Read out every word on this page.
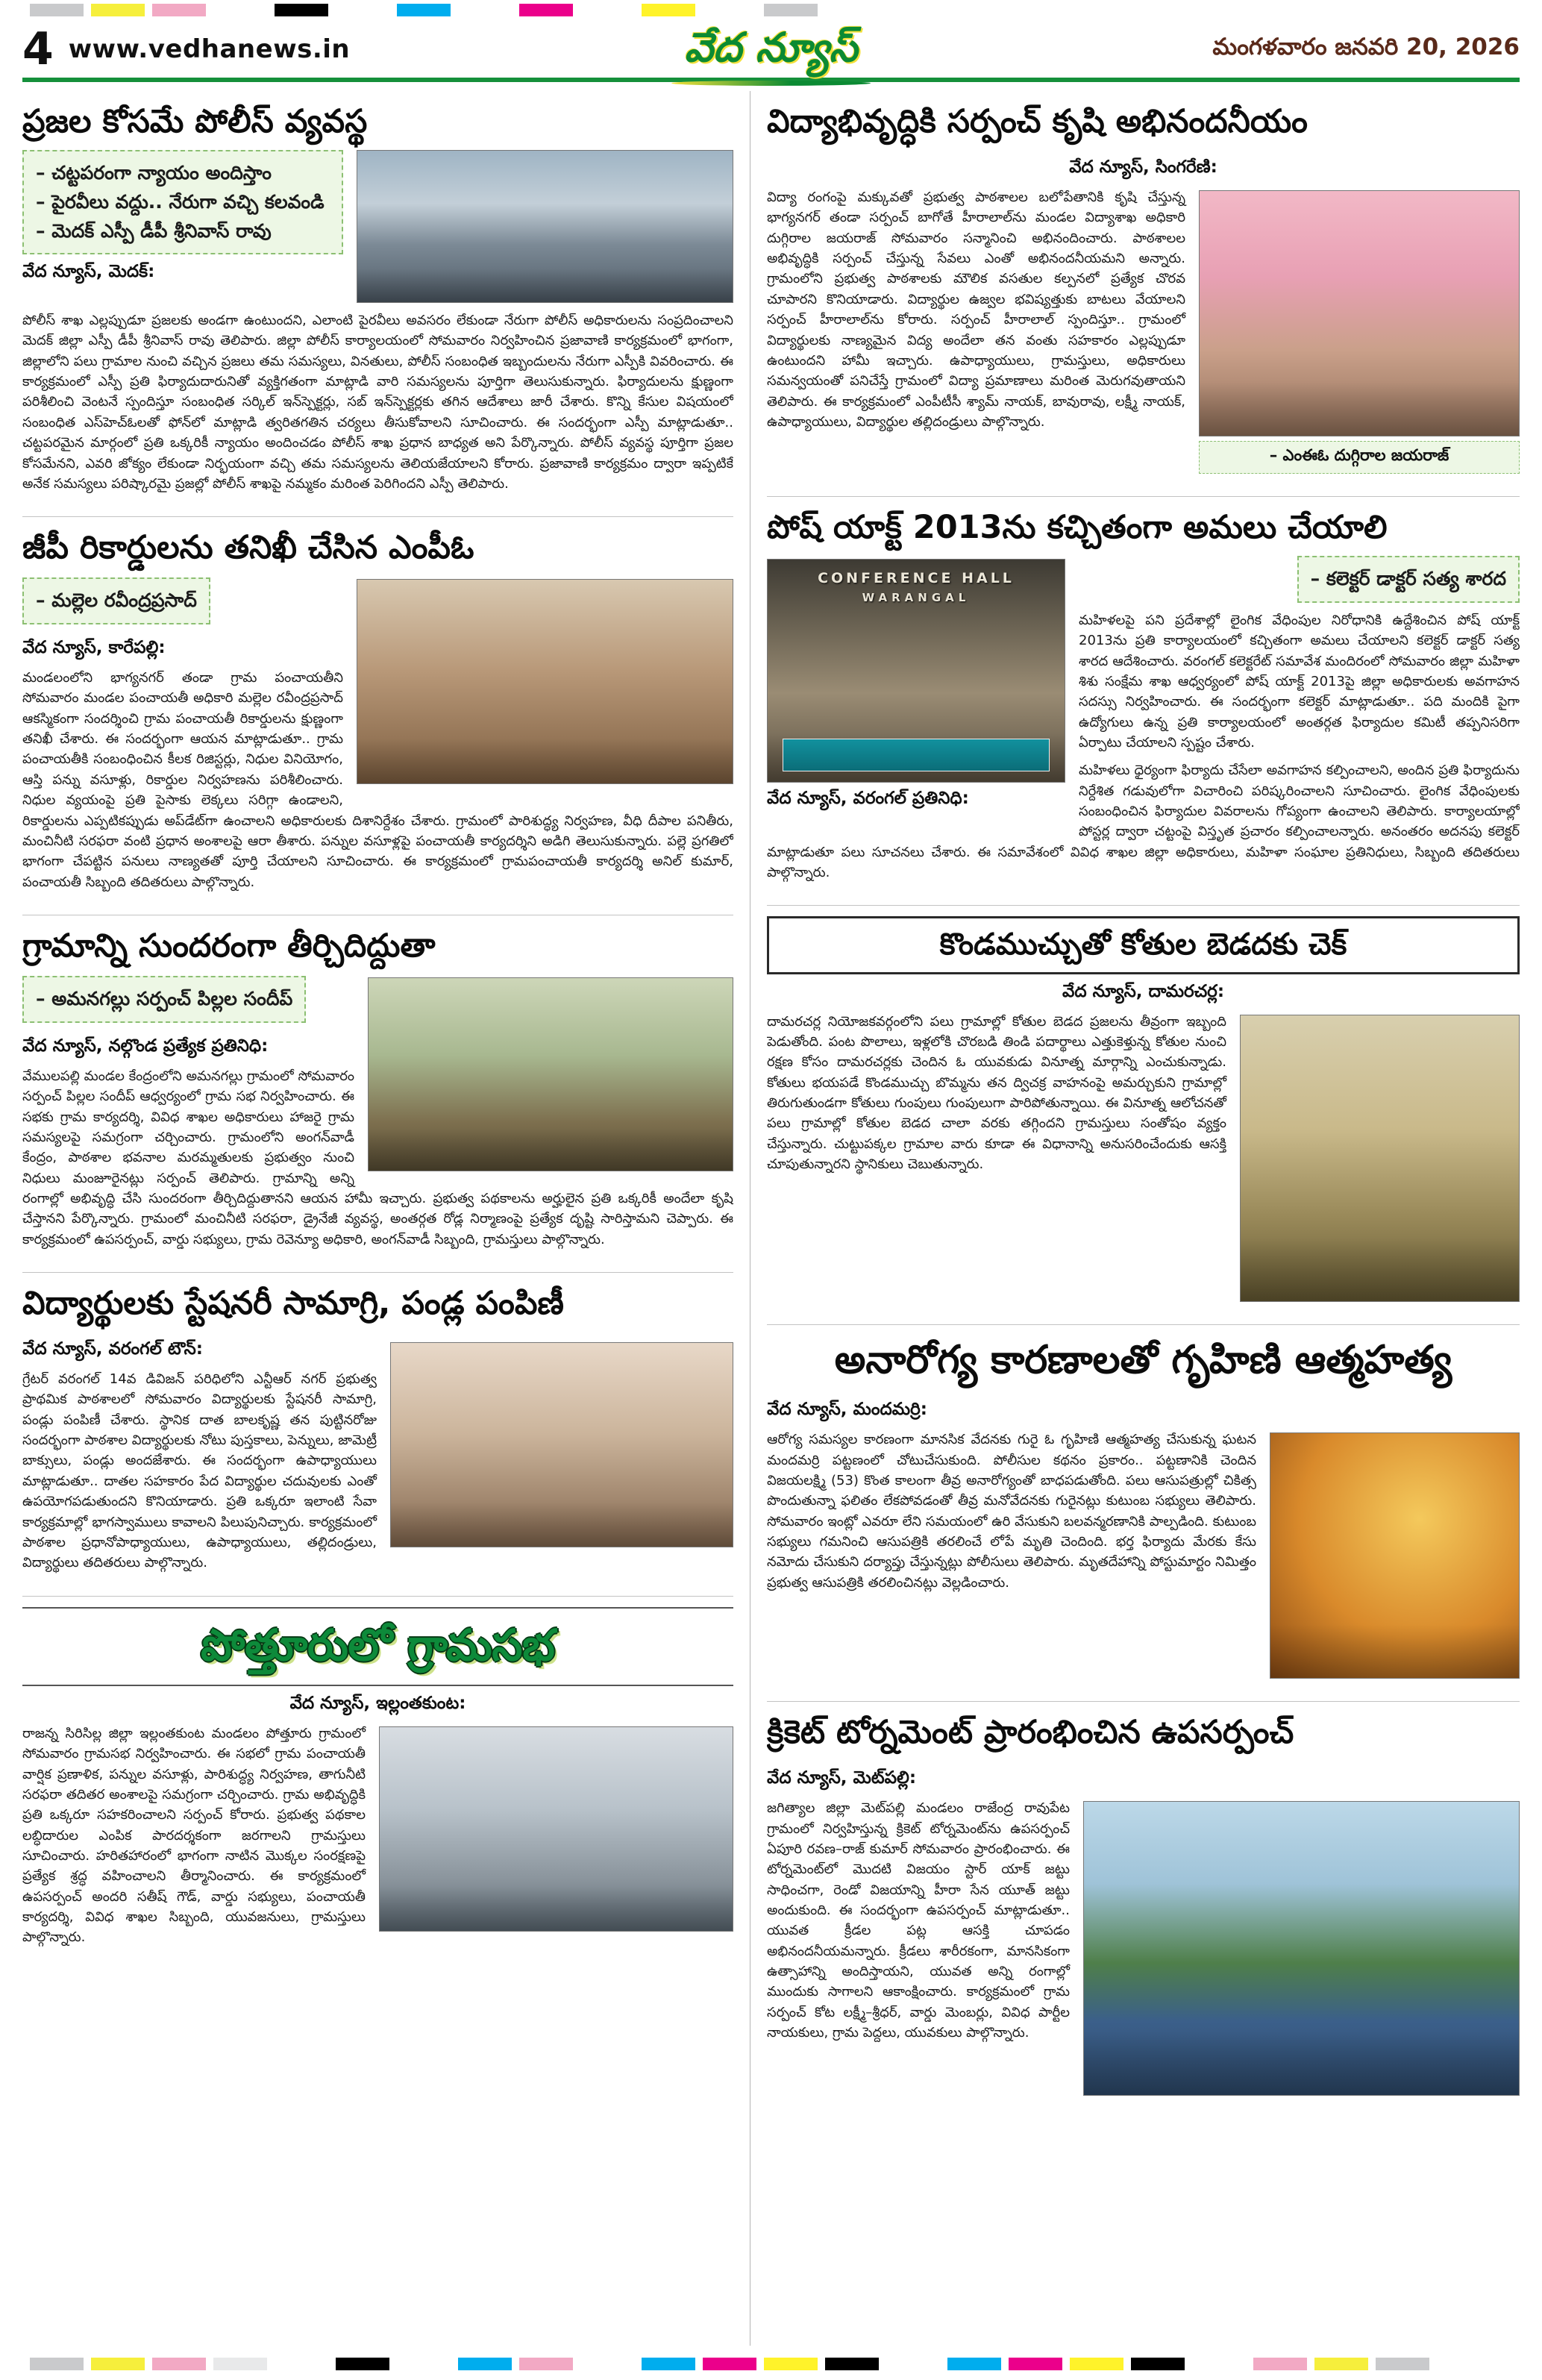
4 www.vedhanews.in	వేద న్యూస్	మంగళవారం జనవరి 20, 2026
ప్రజల కోసమే పోలీస్ వ్యవస్థ
– చట్టపరంగా న్యాయం అందిస్తాం
– పైరవీలు వద్దు.. నేరుగా వచ్చి కలవండి
– మెదక్ ఎస్పీ డీపీ శ్రీనివాస్ రావు
వేద న్యూస్, మెదక్:

పోలీస్ శాఖ ఎల్లప్పుడూ ప్రజలకు అండగా ఉంటుందని, ఎలాంటి పైరవీలు అవసరం లేకుండా నేరుగా పోలీస్ అధికారులను సంప్రదించాలని మెదక్ జిల్లా ఎస్పీ డీపీ శ్రీనివాస్ రావు తెలిపారు. జిల్లా పోలీస్ కార్యాలయంలో సోమవారం నిర్వహించిన ప్రజావాణి కార్యక్రమంలో భాగంగా, జిల్లాలోని పలు గ్రామాల నుంచి వచ్చిన ప్రజలు తమ సమస్యలు, వినతులు, పోలీస్ సంబంధిత ఇబ్బందులను నేరుగా ఎస్పీకి వివరించారు. ఈ కార్యక్రమంలో ఎస్పీ ప్రతి ఫిర్యాదుదారునితో వ్యక్తిగతంగా మాట్లాడి వారి సమస్యలను పూర్తిగా తెలుసుకున్నారు. ఫిర్యాదులను క్షుణ్ణంగా పరిశీలించి వెంటనే స్పందిస్తూ సంబంధిత సర్కిల్ ఇన్‌స్పెక్టర్లు, సబ్ ఇన్‌స్పెక్టర్లకు తగిన ఆదేశాలు జారీ చేశారు. కొన్ని కేసుల విషయంలో సంబంధిత ఎస్‌హెచ్‌ఓలతో ఫోన్‌లో మాట్లాడి త్వరితగతిన చర్యలు తీసుకోవాలని సూచించారు. ఈ సందర్భంగా ఎస్పీ మాట్లాడుతూ.. చట్టపరమైన మార్గంలో ప్రతి ఒక్కరికీ న్యాయం అందించడం పోలీస్ శాఖ ప్రధాన బాధ్యత అని పేర్కొన్నారు. పోలీస్ వ్యవస్థ పూర్తిగా ప్రజల కోసమేనని, ఎవరి జోక్యం లేకుండా నిర్భయంగా వచ్చి తమ సమస్యలను తెలియజేయాలని కోరారు. ప్రజావాణి కార్యక్రమం ద్వారా ఇప్పటికే అనేక సమస్యలు పరిష్కారమై ప్రజల్లో పోలీస్ శాఖపై నమ్మకం మరింత పెరిగిందని ఎస్పీ తెలిపారు.

జీపీ రికార్డులను తనిఖీ చేసిన ఎంపీఓ
– మల్లెల రవీంద్రప్రసాద్
వేద న్యూస్, కారేపల్లి:

మండలంలోని భాగ్యనగర్ తండా గ్రామ పంచాయతీని సోమవారం మండల పంచాయతీ అధికారి మల్లెల రవీంద్రప్రసాద్ ఆకస్మికంగా సందర్శించి గ్రామ పంచాయతీ రికార్డులను క్షుణ్ణంగా తనిఖీ చేశారు. ఈ సందర్భంగా ఆయన మాట్లాడుతూ.. గ్రామ పంచాయతీకి సంబంధించిన కీలక రిజిస్టర్లు, నిధుల వినియోగం, ఆస్తి పన్ను వసూళ్లు, రికార్డుల నిర్వహణను పరిశీలించారు. నిధుల వ్యయంపై ప్రతి పైసాకు లెక్కలు సరిగ్గా ఉండాలని, రికార్డులను ఎప్పటికప్పుడు అప్‌డేట్‌గా ఉంచాలని అధికారులకు దిశానిర్దేశం చేశారు. గ్రామంలో పారిశుద్ధ్య నిర్వహణ, వీధి దీపాల పనితీరు, మంచినీటి సరఫరా వంటి ప్రధాన అంశాలపై ఆరా తీశారు. పన్నుల వసూళ్లపై పంచాయతీ కార్యదర్శిని అడిగి తెలుసుకున్నారు. పల్లె ప్రగతిలో భాగంగా చేపట్టిన పనులు నాణ్యతతో పూర్తి చేయాలని సూచించారు. ఈ కార్యక్రమంలో గ్రామపంచాయతీ కార్యదర్శి అనిల్ కుమార్, పంచాయతీ సిబ్బంది తదితరులు పాల్గొన్నారు.

గ్రామాన్ని సుందరంగా తీర్చిదిద్దుతా
– అమనగల్లు సర్పంచ్ పిల్లల సందీప్
వేద న్యూస్, నల్గొండ ప్రత్యేక ప్రతినిధి:

వేములపల్లి మండల కేంద్రంలోని అమనగల్లు గ్రామంలో సోమవారం సర్పంచ్ పిల్లల సందీప్ ఆధ్వర్యంలో గ్రామ సభ నిర్వహించారు. ఈ సభకు గ్రామ కార్యదర్శి, వివిధ శాఖల అధికారులు హాజరై గ్రామ సమస్యలపై సమగ్రంగా చర్చించారు. గ్రామంలోని అంగన్‌వాడీ కేంద్రం, పాఠశాల భవనాల మరమ్మతులకు ప్రభుత్వం నుంచి నిధులు మంజూరైనట్లు సర్పంచ్ తెలిపారు. గ్రామాన్ని అన్ని రంగాల్లో అభివృద్ధి చేసి సుందరంగా తీర్చిదిద్దుతానని ఆయన హామీ ఇచ్చారు. ప్రభుత్వ పథకాలను అర్హులైన ప్రతి ఒక్కరికీ అందేలా కృషి చేస్తానని పేర్కొన్నారు. గ్రామంలో మంచినీటి సరఫరా, డ్రైనేజీ వ్యవస్థ, అంతర్గత రోడ్ల నిర్మాణంపై ప్రత్యేక దృష్టి సారిస్తామని చెప్పారు. ఈ కార్యక్రమంలో ఉపసర్పంచ్, వార్డు సభ్యులు, గ్రామ రెవెన్యూ అధికారి, అంగన్‌వాడీ సిబ్బంది, గ్రామస్తులు పాల్గొన్నారు.

విద్యార్థులకు స్టేషనరీ సామాగ్రి, పండ్ల పంపిణీ
వేద న్యూస్, వరంగల్ టౌన్:

గ్రేటర్ వరంగల్ 14వ డివిజన్ పరిధిలోని ఎన్టీఆర్ నగర్ ప్రభుత్వ ప్రాథమిక పాఠశాలలో సోమవారం విద్యార్థులకు స్టేషనరీ సామాగ్రి, పండ్లు పంపిణీ చేశారు. స్థానిక దాత బాలకృష్ణ తన పుట్టినరోజు సందర్భంగా పాఠశాల విద్యార్థులకు నోటు పుస్తకాలు, పెన్నులు, జామెట్రీ బాక్సులు, పండ్లు అందజేశారు. ఈ సందర్భంగా ఉపాధ్యాయులు మాట్లాడుతూ.. దాతల సహకారం పేద విద్యార్థుల చదువులకు ఎంతో ఉపయోగపడుతుందని కొనియాడారు. ప్రతి ఒక్కరూ ఇలాంటి సేవా కార్యక్రమాల్లో భాగస్వాములు కావాలని పిలుపునిచ్చారు. కార్యక్రమంలో పాఠశాల ప్రధానోపాధ్యాయులు, ఉపాధ్యాయులు, తల్లిదండ్రులు, విద్యార్థులు తదితరులు పాల్గొన్నారు.

పోత్తూరులో గ్రామసభ
వేద న్యూస్, ఇల్లంతకుంట:

రాజన్న సిరిసిల్ల జిల్లా ఇల్లంతకుంట మండలం పోత్తూరు గ్రామంలో సోమవారం గ్రామసభ నిర్వహించారు. ఈ సభలో గ్రామ పంచాయతీ వార్షిక ప్రణాళిక, పన్నుల వసూళ్లు, పారిశుద్ధ్య నిర్వహణ, తాగునీటి సరఫరా తదితర అంశాలపై సమగ్రంగా చర్చించారు. గ్రామ అభివృద్ధికి ప్రతి ఒక్కరూ సహకరించాలని సర్పంచ్ కోరారు. ప్రభుత్వ పథకాల లబ్ధిదారుల ఎంపిక పారదర్శకంగా జరగాలని గ్రామస్తులు సూచించారు. హరితహారంలో భాగంగా నాటిన మొక్కల సంరక్షణపై ప్రత్యేక శ్రద్ధ వహించాలని తీర్మానించారు. ఈ కార్యక్రమంలో ఉపసర్పంచ్ అందరి సతీష్ గౌడ్, వార్డు సభ్యులు, పంచాయతీ కార్యదర్శి, వివిధ శాఖల సిబ్బంది, యువజనులు, గ్రామస్తులు పాల్గొన్నారు.

విద్యాభివృద్ధికి సర్పంచ్ కృషి అభినందనీయం
వేద న్యూస్, సింగరేణి:
– ఎంఈఓ దుగ్గిరాల జయరాజ్

విద్యా రంగంపై మక్కువతో ప్రభుత్వ పాఠశాలల బలోపేతానికి కృషి చేస్తున్న భాగ్యనగర్ తండా సర్పంచ్ బాగోతే హీరాలాల్‌ను మండల విద్యాశాఖ అధికారి దుగ్గిరాల జయరాజ్ సోమవారం సన్మానించి అభినందించారు. పాఠశాలల అభివృద్ధికి సర్పంచ్ చేస్తున్న సేవలు ఎంతో అభినందనీయమని అన్నారు. గ్రామంలోని ప్రభుత్వ పాఠశాలకు మౌలిక వసతుల కల్పనలో ప్రత్యేక చొరవ చూపారని కొనియాడారు. విద్యార్థుల ఉజ్వల భవిష్యత్తుకు బాటలు వేయాలని సర్పంచ్ హీరాలాల్‌ను కోరారు. సర్పంచ్ హీరాలాల్ స్పందిస్తూ.. గ్రామంలో విద్యార్థులకు నాణ్యమైన విద్య అందేలా తన వంతు సహకారం ఎల్లప్పుడూ ఉంటుందని హామీ ఇచ్చారు. ఉపాధ్యాయులు, గ్రామస్తులు, అధికారులు సమన్వయంతో పనిచేస్తే గ్రామంలో విద్యా ప్రమాణాలు మరింత మెరుగవుతాయని తెలిపారు. ఈ కార్యక్రమంలో ఎంపీటీసీ శ్యామ్ నాయక్, బావురావు, లక్ష్మీ నాయక్, ఉపాధ్యాయులు, విద్యార్థుల తల్లిదండ్రులు పాల్గొన్నారు.

పోష్ యాక్ట్ 2013ను కచ్చితంగా అమలు చేయాలి
CONFERENCE HALL
WARANGAL
వేద న్యూస్, వరంగల్ ప్రతినిధి:
– కలెక్టర్ డాక్టర్ సత్య శారద

మహిళలపై పని ప్రదేశాల్లో లైంగిక వేధింపుల నిరోధానికి ఉద్దేశించిన పోష్ యాక్ట్ 2013ను ప్రతి కార్యాలయంలో కచ్చితంగా అమలు చేయాలని కలెక్టర్ డాక్టర్ సత్య శారద ఆదేశించారు. వరంగల్ కలెక్టరేట్ సమావేశ మందిరంలో సోమవారం జిల్లా మహిళా శిశు సంక్షేమ శాఖ ఆధ్వర్యంలో పోష్ యాక్ట్ 2013పై జిల్లా అధికారులకు అవగాహన సదస్సు నిర్వహించారు. ఈ సందర్భంగా కలెక్టర్ మాట్లాడుతూ.. పది మందికి పైగా ఉద్యోగులు ఉన్న ప్రతి కార్యాలయంలో అంతర్గత ఫిర్యాదుల కమిటీ తప్పనిసరిగా ఏర్పాటు చేయాలని స్పష్టం చేశారు.

మహిళలు ధైర్యంగా ఫిర్యాదు చేసేలా అవగాహన కల్పించాలని, అందిన ప్రతి ఫిర్యాదును నిర్దేశిత గడువులోగా విచారించి పరిష్కరించాలని సూచించారు. లైంగిక వేధింపులకు సంబంధించిన ఫిర్యాదుల వివరాలను గోప్యంగా ఉంచాలని తెలిపారు. కార్యాలయాల్లో పోస్టర్ల ద్వారా చట్టంపై విస్తృత ప్రచారం కల్పించాలన్నారు. అనంతరం అదనపు కలెక్టర్ మాట్లాడుతూ పలు సూచనలు చేశారు. ఈ సమావేశంలో వివిధ శాఖల జిల్లా అధికారులు, మహిళా సంఘాల ప్రతినిధులు, సిబ్బంది తదితరులు పాల్గొన్నారు.

కొండముచ్చుతో కోతుల బెడదకు చెక్
వేద న్యూస్, దామరచర్ల:

దామరచర్ల నియోజకవర్గంలోని పలు గ్రామాల్లో కోతుల బెడద ప్రజలను తీవ్రంగా ఇబ్బంది పెడుతోంది. పంట పొలాలు, ఇళ్లలోకి చొరబడి తిండి పదార్థాలు ఎత్తుకెళ్తున్న కోతుల నుంచి రక్షణ కోసం దామరచర్లకు చెందిన ఓ యువకుడు వినూత్న మార్గాన్ని ఎంచుకున్నాడు. కోతులు భయపడే కొండముచ్చు బొమ్మను తన ద్విచక్ర వాహనంపై అమర్చుకుని గ్రామాల్లో తిరుగుతుండగా కోతులు గుంపులు గుంపులుగా పారిపోతున్నాయి. ఈ వినూత్న ఆలోచనతో పలు గ్రామాల్లో కోతుల బెడద చాలా వరకు తగ్గిందని గ్రామస్తులు సంతోషం వ్యక్తం చేస్తున్నారు. చుట్టుపక్కల గ్రామాల వారు కూడా ఈ విధానాన్ని అనుసరించేందుకు ఆసక్తి చూపుతున్నారని స్థానికులు చెబుతున్నారు.

అనారోగ్య కారణాలతో గృహిణి ఆత్మహత్య
వేద న్యూస్, మందమర్రి:

ఆరోగ్య సమస్యల కారణంగా మానసిక వేదనకు గురై ఓ గృహిణి ఆత్మహత్య చేసుకున్న ఘటన మందమర్రి పట్టణంలో చోటుచేసుకుంది. పోలీసుల కథనం ప్రకారం.. పట్టణానికి చెందిన విజయలక్ష్మి (53) కొంత కాలంగా తీవ్ర అనారోగ్యంతో బాధపడుతోంది. పలు ఆసుపత్రుల్లో చికిత్స పొందుతున్నా ఫలితం లేకపోవడంతో తీవ్ర మనోవేదనకు గురైనట్లు కుటుంబ సభ్యులు తెలిపారు. సోమవారం ఇంట్లో ఎవరూ లేని సమయంలో ఉరి వేసుకుని బలవన్మరణానికి పాల్పడింది. కుటుంబ సభ్యులు గమనించి ఆసుపత్రికి తరలించే లోపే మృతి చెందింది. భర్త ఫిర్యాదు మేరకు కేసు నమోదు చేసుకుని దర్యాప్తు చేస్తున్నట్లు పోలీసులు తెలిపారు. మృతదేహాన్ని పోస్టుమార్టం నిమిత్తం ప్రభుత్వ ఆసుపత్రికి తరలించినట్లు వెల్లడించారు.

క్రికెట్ టోర్నమెంట్ ప్రారంభించిన ఉపసర్పంచ్
వేద న్యూస్, మెట్‌పల్లి:

జగిత్యాల జిల్లా మెట్‌పల్లి మండలం రాజేంద్ర రావుపేట గ్రామంలో నిర్వహిస్తున్న క్రికెట్ టోర్నమెంట్‌ను ఉపసర్పంచ్ ఏపూరి రవణ–రాజ్ కుమార్ సోమవారం ప్రారంభించారు. ఈ టోర్నమెంట్‌లో మొదటి విజయం స్టార్ యాక్ జట్టు సాధించగా, రెండో విజయాన్ని హీరా సేన యూత్ జట్టు అందుకుంది. ఈ సందర్భంగా ఉపసర్పంచ్ మాట్లాడుతూ.. యువత క్రీడల పట్ల ఆసక్తి చూపడం అభినందనీయమన్నారు. క్రీడలు శారీరకంగా, మానసికంగా ఉత్సాహాన్ని అందిస్తాయని, యువత అన్ని రంగాల్లో ముందుకు సాగాలని ఆకాంక్షించారు. కార్యక్రమంలో గ్రామ సర్పంచ్ కోట లక్ష్మీ–శ్రీధర్, వార్డు మెంబర్లు, వివిధ పార్టీల నాయకులు, గ్రామ పెద్దలు, యువకులు పాల్గొన్నారు.
